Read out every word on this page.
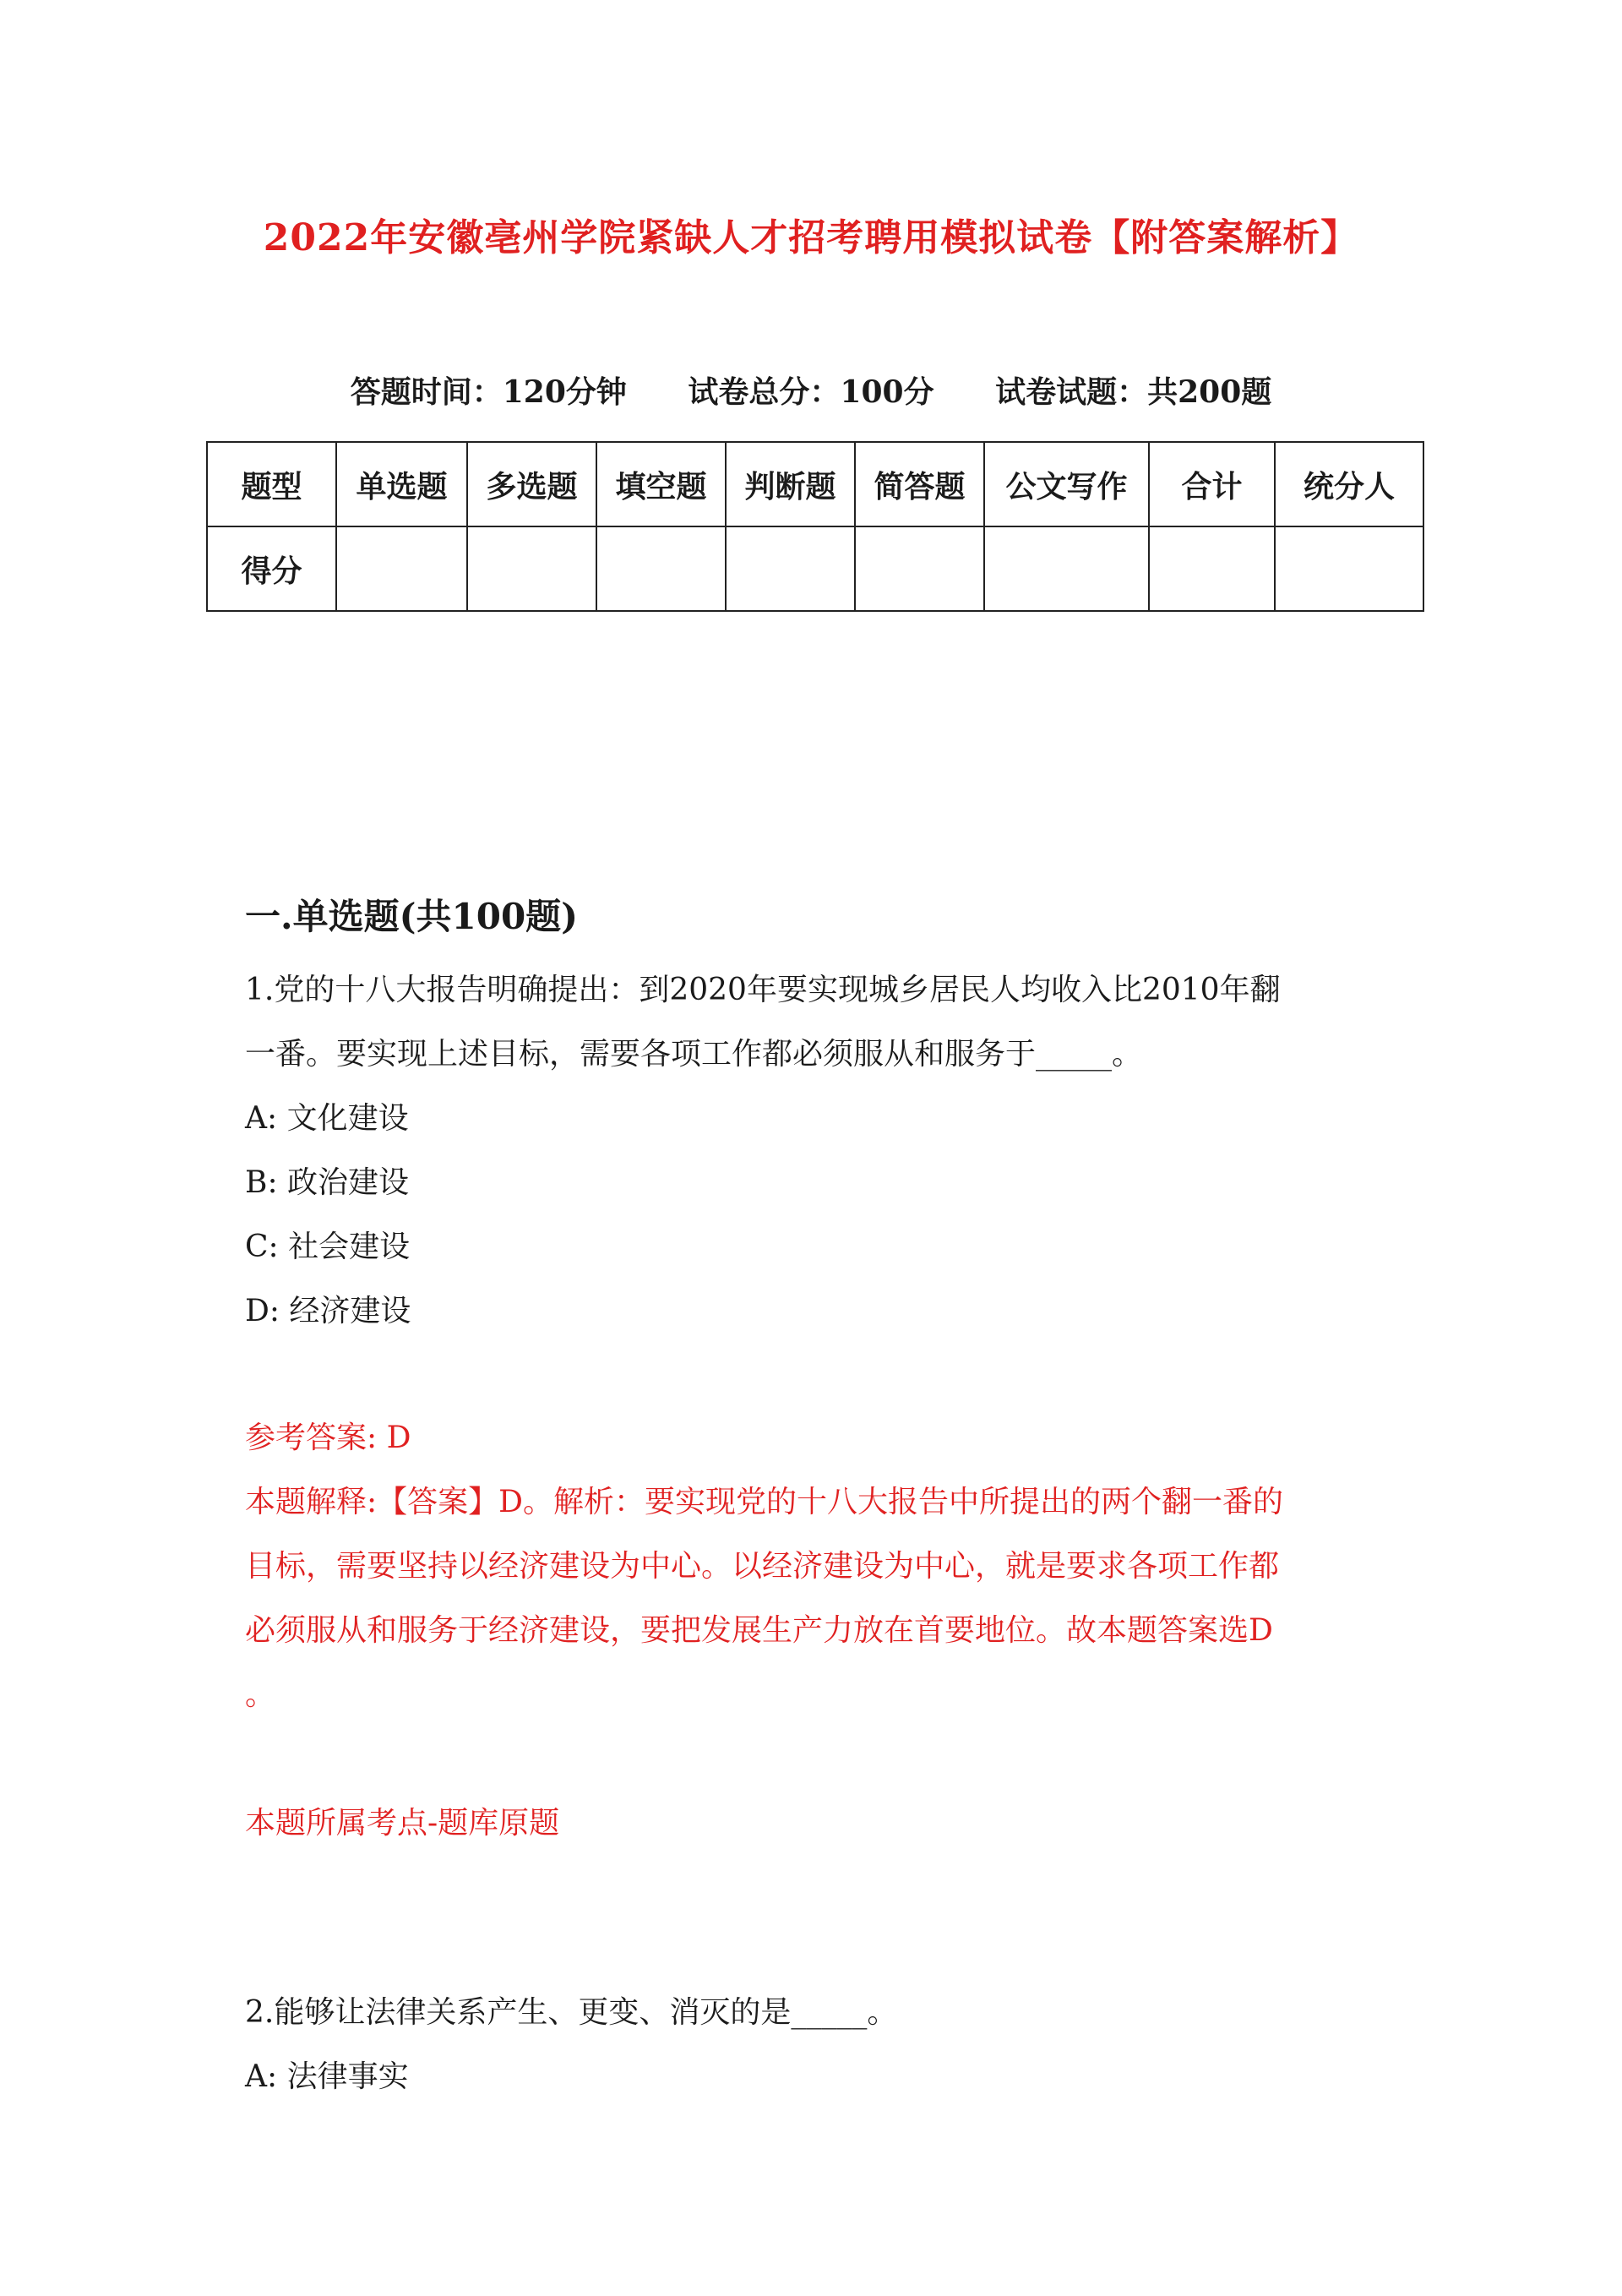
2022年安徽亳州学院紧缺人才招考聘用模拟试卷【附答案解析】
答题时间：120分钟 试卷总分：100分 试卷试题：共200题
题型	单选题	多选题	填空题	判断题	简答题	公文写作	合计	统分人
得分								
一.单选题(共100题)
1.党的十八大报告明确提出：到2020年要实现城乡居民人均收入比2010年翻
一番。要实现上述目标，需要各项工作都必须服从和服务于_____。
A: 文化建设
B: 政治建设
C: 社会建设
D: 经济建设
参考答案: D
本题解释:【答案】D。解析：要实现党的十八大报告中所提出的两个翻一番的
目标，需要坚持以经济建设为中心。以经济建设为中心，就是要求各项工作都
必须服从和服务于经济建设，要把发展生产力放在首要地位。故本题答案选D
。
本题所属考点-题库原题
2.能够让法律关系产生、更变、消灭的是_____。
A: 法律事实
